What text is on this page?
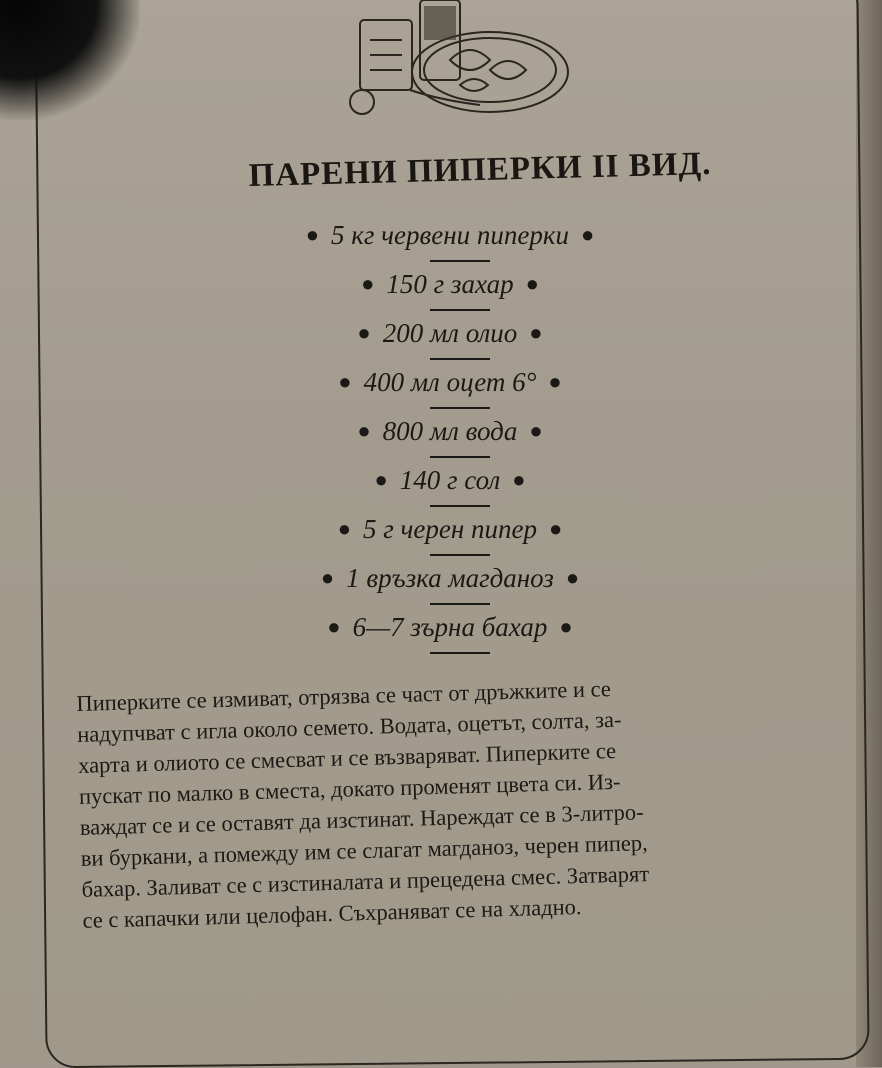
ПАРЕНИ ПИПЕРКИ II ВИД.
● 5 кг червени пиперки ●
● 150 г захар ●
● 200 мл олио ●
● 400 мл оцет 6° ●
● 800 мл вода ●
● 140 г сол ●
● 5 г черен пипер ●
● 1 връзка магданоз ●
● 6—7 зърна бахар ●
Пиперките се измиват, отрязва се част от дръжките и се
надупчват с игла около семето. Водата, оцетът, солта, за-
харта и олиото се смесват и се възваряват. Пиперките се
пускат по малко в сместа, докато променят цвета си. Из-
важдат се и се оставят да изстинат. Нареждат се в 3-литро-
ви буркани, а помежду им се слагат магданоз, черен пипер,
бахар. Заливат се с изстиналата и прецедена смес. Затварят
се с капачки или целофан. Съхраняват се на хладно.
